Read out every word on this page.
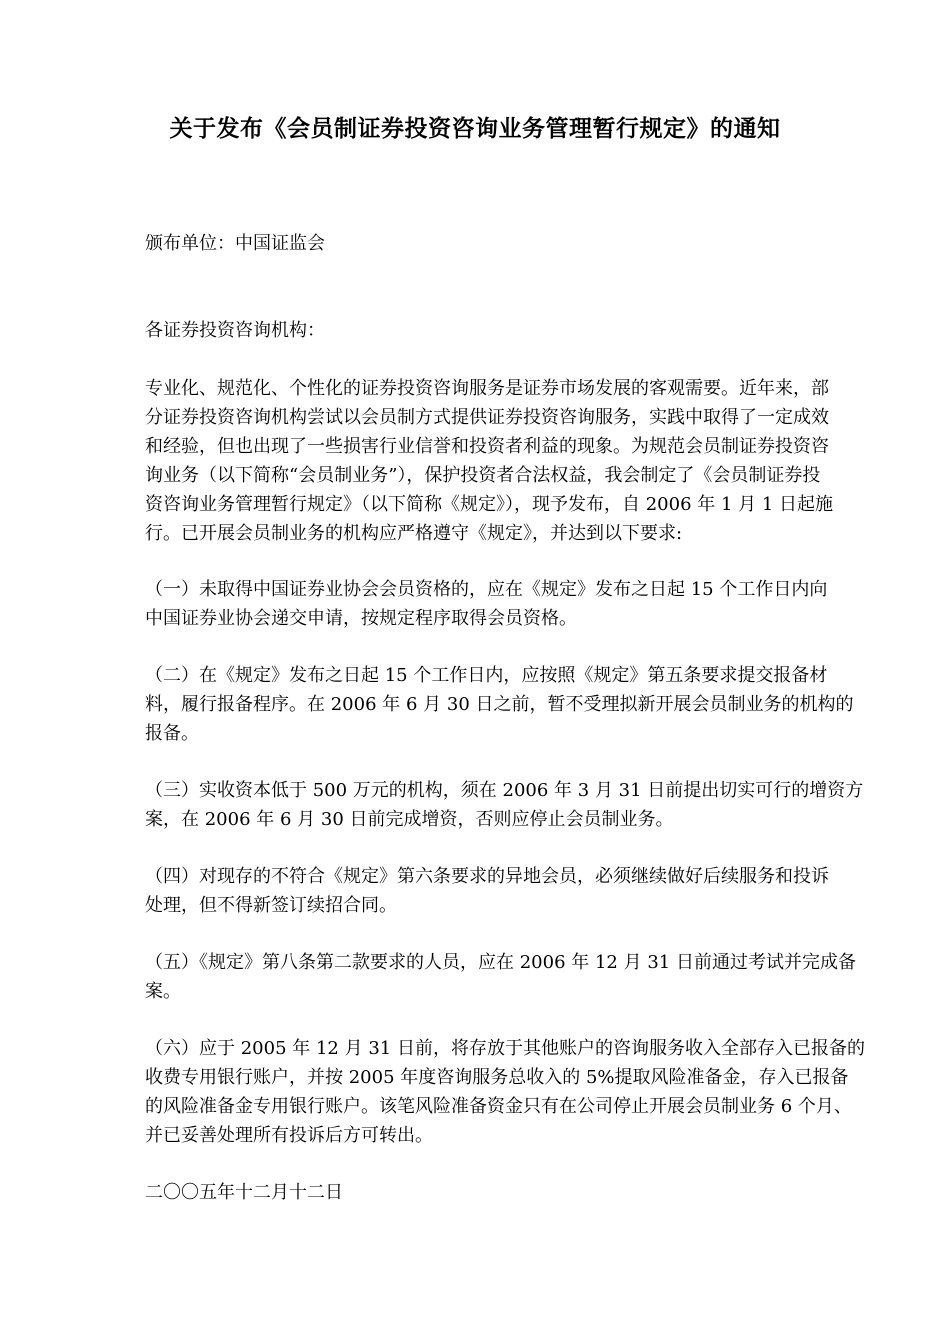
关于发布《会员制证券投资咨询业务管理暂行规定》的通知

颁布单位：中国证监会

各证券投资咨询机构：

专业化、规范化、个性化的证券投资咨询服务是证券市场发展的客观需要。近年来，部
分证券投资咨询机构尝试以会员制方式提供证券投资咨询服务，实践中取得了一定成效
和经验，但也出现了一些损害行业信誉和投资者利益的现象。为规范会员制证券投资咨
询业务（以下简称“会员制业务”），保护投资者合法权益，我会制定了《会员制证券投
资咨询业务管理暂行规定》（以下简称《规定》），现予发布，自 2006 年 1 月 1 日起施
行。已开展会员制业务的机构应严格遵守《规定》，并达到以下要求:
（一）未取得中国证券业协会会员资格的，应在《规定》发布之日起 15 个工作日内向
中国证券业协会递交申请，按规定程序取得会员资格。
（二）在《规定》发布之日起 15 个工作日内，应按照《规定》第五条要求提交报备材
料，履行报备程序。在 2006 年 6 月 30 日之前，暂不受理拟新开展会员制业务的机构的
报备。
（三）实收资本低于 500 万元的机构，须在 2006 年 3 月 31 日前提出切实可行的增资方
案，在 2006 年 6 月 30 日前完成增资，否则应停止会员制业务。
（四）对现存的不符合《规定》第六条要求的异地会员，必须继续做好后续服务和投诉
处理，但不得新签订续招合同。
（五）《规定》第八条第二款要求的人员，应在 2006 年 12 月 31 日前通过考试并完成备
案。
（六）应于 2005 年 12 月 31 日前，将存放于其他账户的咨询服务收入全部存入已报备的
收费专用银行账户，并按 2005 年度咨询服务总收入的 5%提取风险准备金，存入已报备
的风险准备金专用银行账户。该笔风险准备资金只有在公司停止开展会员制业务 6 个月、
并已妥善处理所有投诉后方可转出。

二〇〇五年十二月十二日
